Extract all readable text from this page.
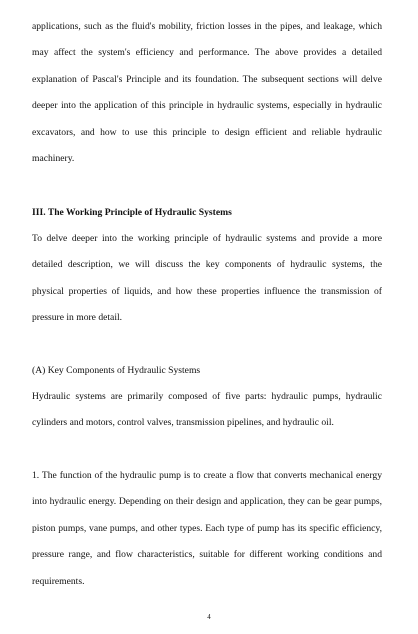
applications, such as the fluid's mobility, friction losses in the pipes, and leakage, which may affect the system's efficiency and performance. The above provides a detailed explanation of Pascal's Principle and its foundation. The subsequent sections will delve deeper into the application of this principle in hydraulic systems, especially in hydraulic excavators, and how to use this principle to design efficient and reliable hydraulic machinery.

III. The Working Principle of Hydraulic Systems

To delve deeper into the working principle of hydraulic systems and provide a more detailed description, we will discuss the key components of hydraulic systems, the physical properties of liquids, and how these properties influence the transmission of pressure in more detail.

(A) Key Components of Hydraulic Systems

Hydraulic systems are primarily composed of five parts: hydraulic pumps, hydraulic cylinders and motors, control valves, transmission pipelines, and hydraulic oil.

1. The function of the hydraulic pump is to create a flow that converts mechanical energy into hydraulic energy. Depending on their design and application, they can be gear pumps, piston pumps, vane pumps, and other types. Each type of pump has its specific efficiency, pressure range, and flow characteristics, suitable for different working conditions and requirements.

4
